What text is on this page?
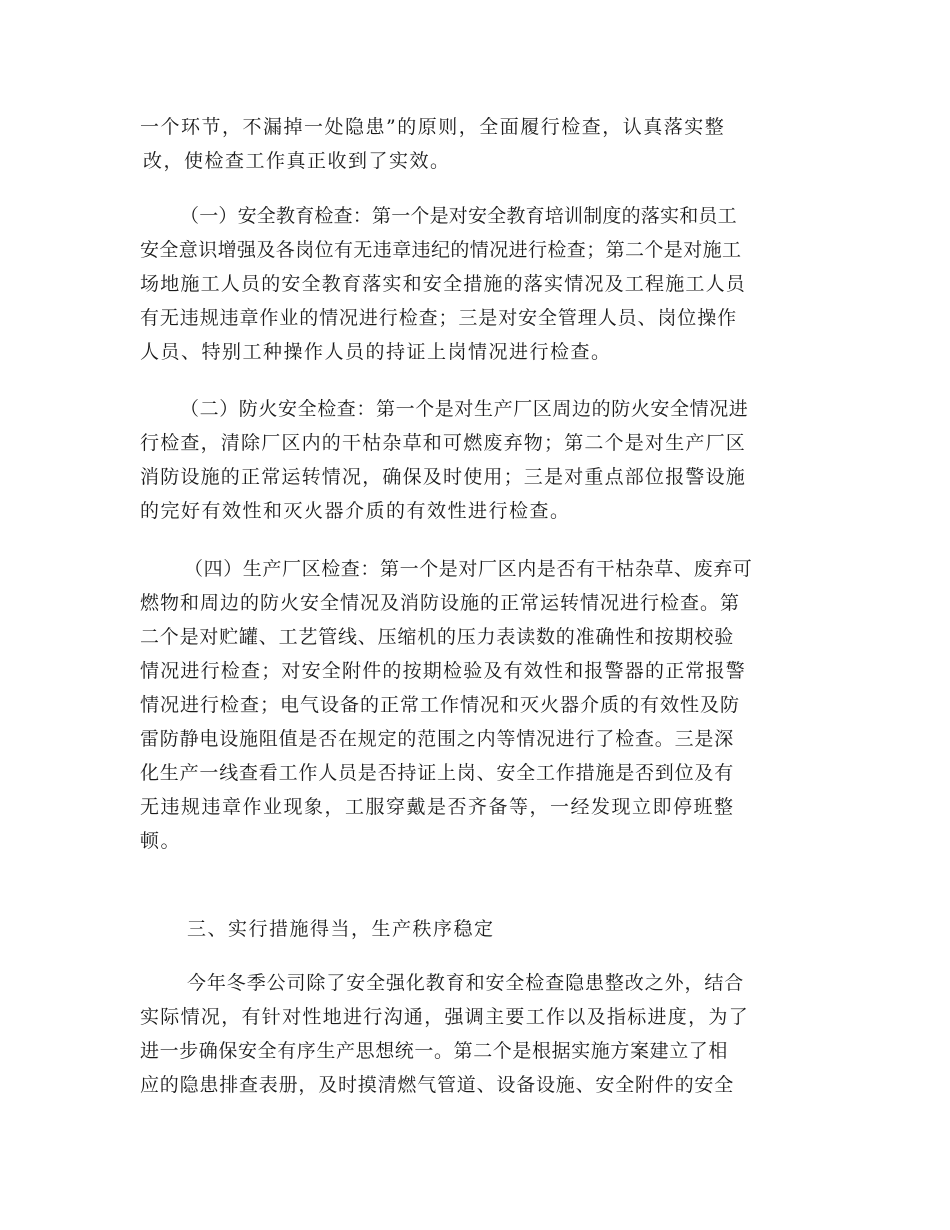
一个环节，不漏掉一处隐患”的原则，全面履行检查，认真落实整
改，使检查工作真正收到了实效。

（一）安全教育检查：第一个是对安全教育培训制度的落实和员工
安全意识增强及各岗位有无违章违纪的情况进行检查；第二个是对施工
场地施工人员的安全教育落实和安全措施的落实情况及工程施工人员
有无违规违章作业的情况进行检查；三是对安全管理人员、岗位操作
人员、特别工种操作人员的持证上岗情况进行检查。

（二）防火安全检查：第一个是对生产厂区周边的防火安全情况进
行检查，清除厂区内的干枯杂草和可燃废弃物；第二个是对生产厂区
消防设施的正常运转情况，确保及时使用；三是对重点部位报警设施
的完好有效性和灭火器介质的有效性进行检查。

（四）生产厂区检查：第一个是对厂区内是否有干枯杂草、废弃可
燃物和周边的防火安全情况及消防设施的正常运转情况进行检查。第
二个是对贮罐、工艺管线、压缩机的压力表读数的准确性和按期校验
情况进行检查；对安全附件的按期检验及有效性和报警器的正常报警
情况进行检查；电气设备的正常工作情况和灭火器介质的有效性及防
雷防静电设施阻值是否在规定的范围之内等情况进行了检查。三是深
化生产一线查看工作人员是否持证上岗、安全工作措施是否到位及有
无违规违章作业现象，工服穿戴是否齐备等，一经发现立即停班整
顿。

三、实行措施得当，生产秩序稳定

今年冬季公司除了安全强化教育和安全检查隐患整改之外，结合
实际情况，有针对性地进行沟通，强调主要工作以及指标进度，为了
进一步确保安全有序生产思想统一。第二个是根据实施方案建立了相
应的隐患排查表册，及时摸清燃气管道、设备设施、安全附件的安全
